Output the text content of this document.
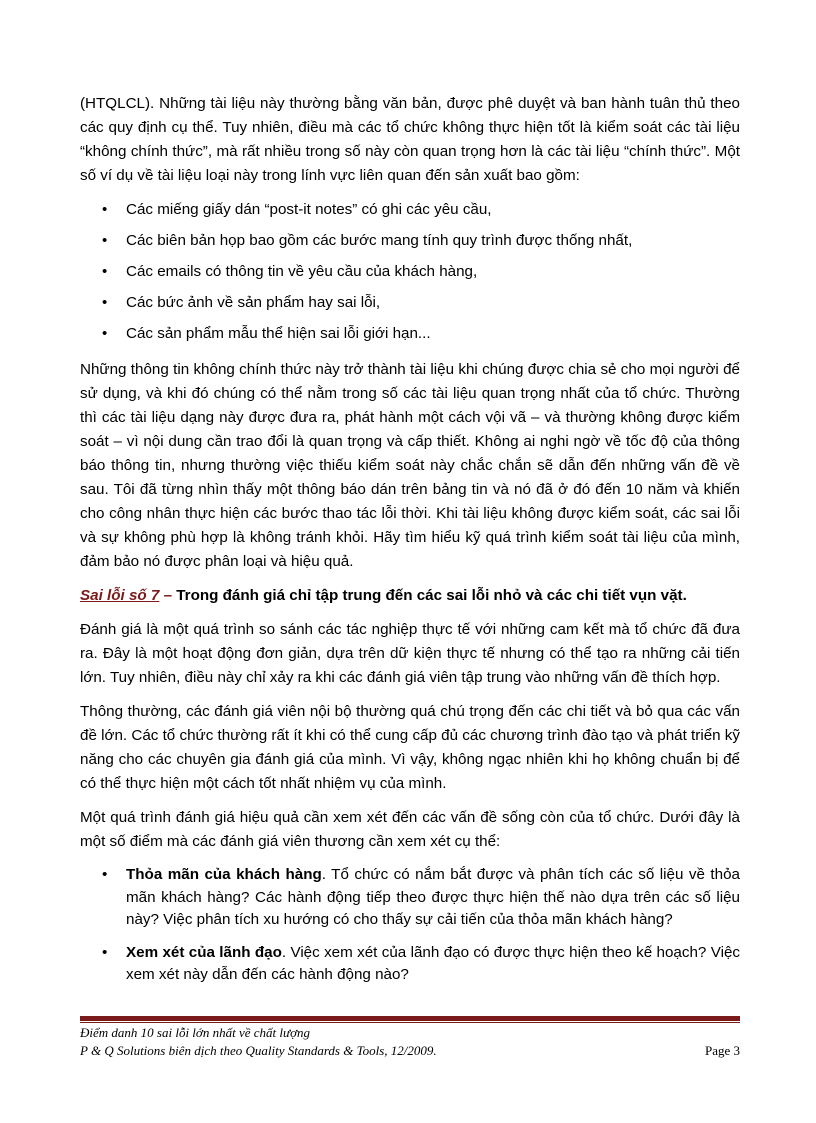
(HTQLCL). Những tài liệu này thường bằng văn bản, được phê duyệt và ban hành tuân thủ theo các quy định cụ thể. Tuy nhiên, điều mà các tổ chức không thực hiện tốt là kiểm soát các tài liệu “không chính thức”, mà rất nhiều trong số này còn quan trọng hơn là các tài liệu “chính thức”. Một số ví dụ về tài liệu loại này trong lính vực liên quan đến sản xuất bao gồm:

• Các miếng giấy dán “post-it notes” có ghi các yêu cầu,
• Các biên bản họp bao gồm các bước mang tính quy trình được thống nhất,
• Các emails có thông tin về yêu cầu của khách hàng,
• Các bức ảnh về sản phẩm hay sai lỗi,
• Các sản phẩm mẫu thể hiện sai lỗi giới hạn...

Những thông tin không chính thức này trở thành tài liệu khi chúng được chia sẻ cho mọi người để sử dụng, và khi đó chúng có thể nằm trong số các tài liệu quan trọng nhất của tổ chức. Thường thì các tài liệu dạng này được đưa ra, phát hành một cách vội vã – và thường không được kiểm soát – vì nội dung cần trao đổi là quan trọng và cấp thiết. Không ai nghi ngờ về tốc độ của thông báo thông tin, nhưng thường việc thiếu kiểm soát này chắc chắn sẽ dẫn đến những vấn đề về sau. Tôi đã từng nhìn thấy một thông báo dán trên bảng tin và nó đã ở đó đến 10 năm và khiến cho công nhân thực hiện các bước thao tác lỗi thời. Khi tài liệu không được kiểm soát, các sai lỗi và sự không phù hợp là không tránh khỏi. Hãy tìm hiểu kỹ quá trình kiểm soát tài liệu của mình, đảm bảo nó được phân loại và hiệu quả.

Sai lỗi số 7 – Trong đánh giá chỉ tập trung đến các sai lỗi nhỏ và các chi tiết vụn vặt.

Đánh giá là một quá trình so sánh các tác nghiệp thực tế với những cam kết mà tổ chức đã đưa ra. Đây là một hoạt động đơn giản, dựa trên dữ kiện thực tế nhưng có thể tạo ra những cải tiến lớn. Tuy nhiên, điều này chỉ xảy ra khi các đánh giá viên tập trung vào những vấn đề thích hợp.

Thông thường, các đánh giá viên nội bộ thường quá chú trọng đến các chi tiết và bỏ qua các vấn đề lớn. Các tổ chức thường rất ít khi có thể cung cấp đủ các chương trình đào tạo và phát triển kỹ năng cho các chuyên gia đánh giá của mình. Vì vậy, không ngạc nhiên khi họ không chuẩn bị để có thể thực hiện một cách tốt nhất nhiệm vụ của mình.

Một quá trình đánh giá hiệu quả cần xem xét đến các vấn đề sống còn của tổ chức. Dưới đây là một số điểm mà các đánh giá viên thương cần xem xét cụ thể:

• Thỏa mãn của khách hàng. Tổ chức có nắm bắt được và phân tích các số liệu về thỏa mãn khách hàng? Các hành động tiếp theo được thực hiện thế nào dựa trên các số liệu này? Việc phân tích xu hướng có cho thấy sự cải tiến của thỏa mãn khách hàng?
• Xem xét của lãnh đạo. Việc xem xét của lãnh đạo có được thực hiện theo kế hoạch? Việc xem xét này dẫn đến các hành động nào?
Điểm danh 10 sai lỗi lớn nhất về chất lượng
P & Q Solutions biên dịch theo Quality Standards & Tools, 12/2009.	Page 3
